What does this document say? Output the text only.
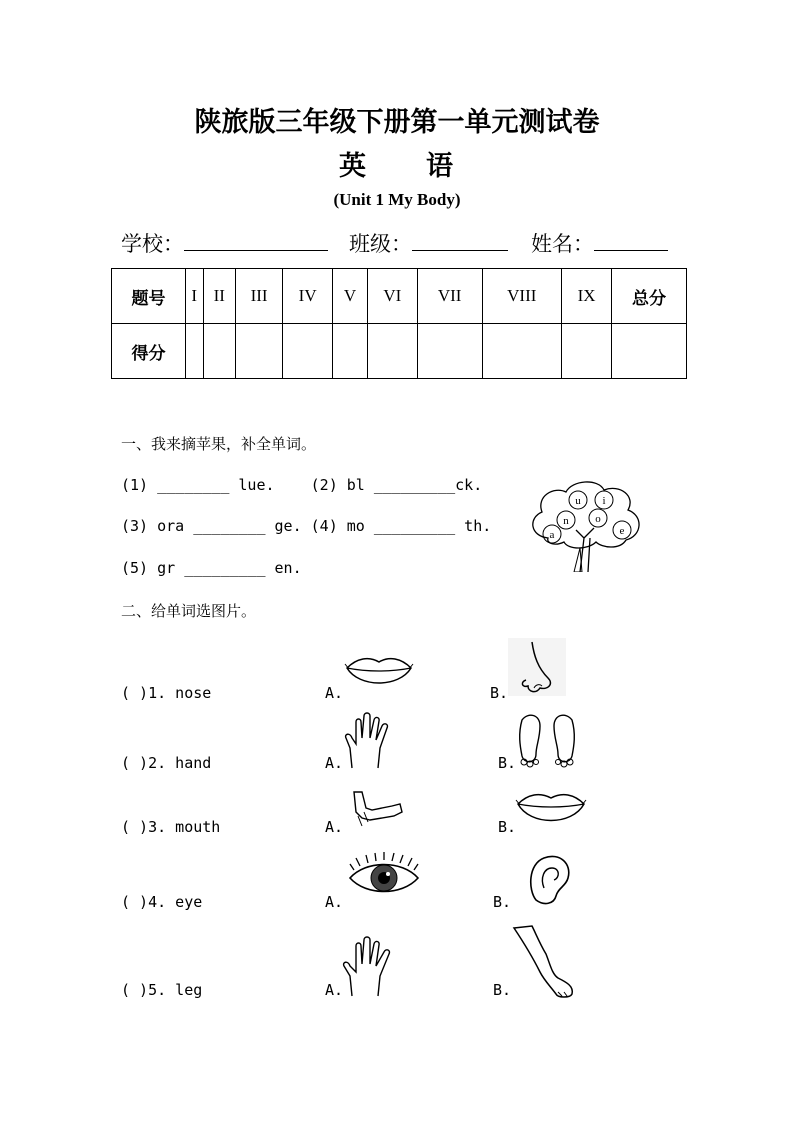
陕旅版三年级下册第一单元测试卷
英　　语
(Unit 1 My Body)
学校：	班级：	姓名：
题号	I	II	III	IV	V	VI	VII	VIII	IX	总分
得分										
一、我来摘苹果，补全单词。
(1) ________ lue.    (2) bl _________ck.
(3) ora ________ ge. (4) mo _________ th.
(5) gr _________ en.
u i
n o
a	e
二、给单词选图片。
( )1. nose	A.	B.
( )2. hand	A.	B.
( )3. mouth	A.	B.
( )4. eye	A.	B.
( )5. leg	A.	B.
